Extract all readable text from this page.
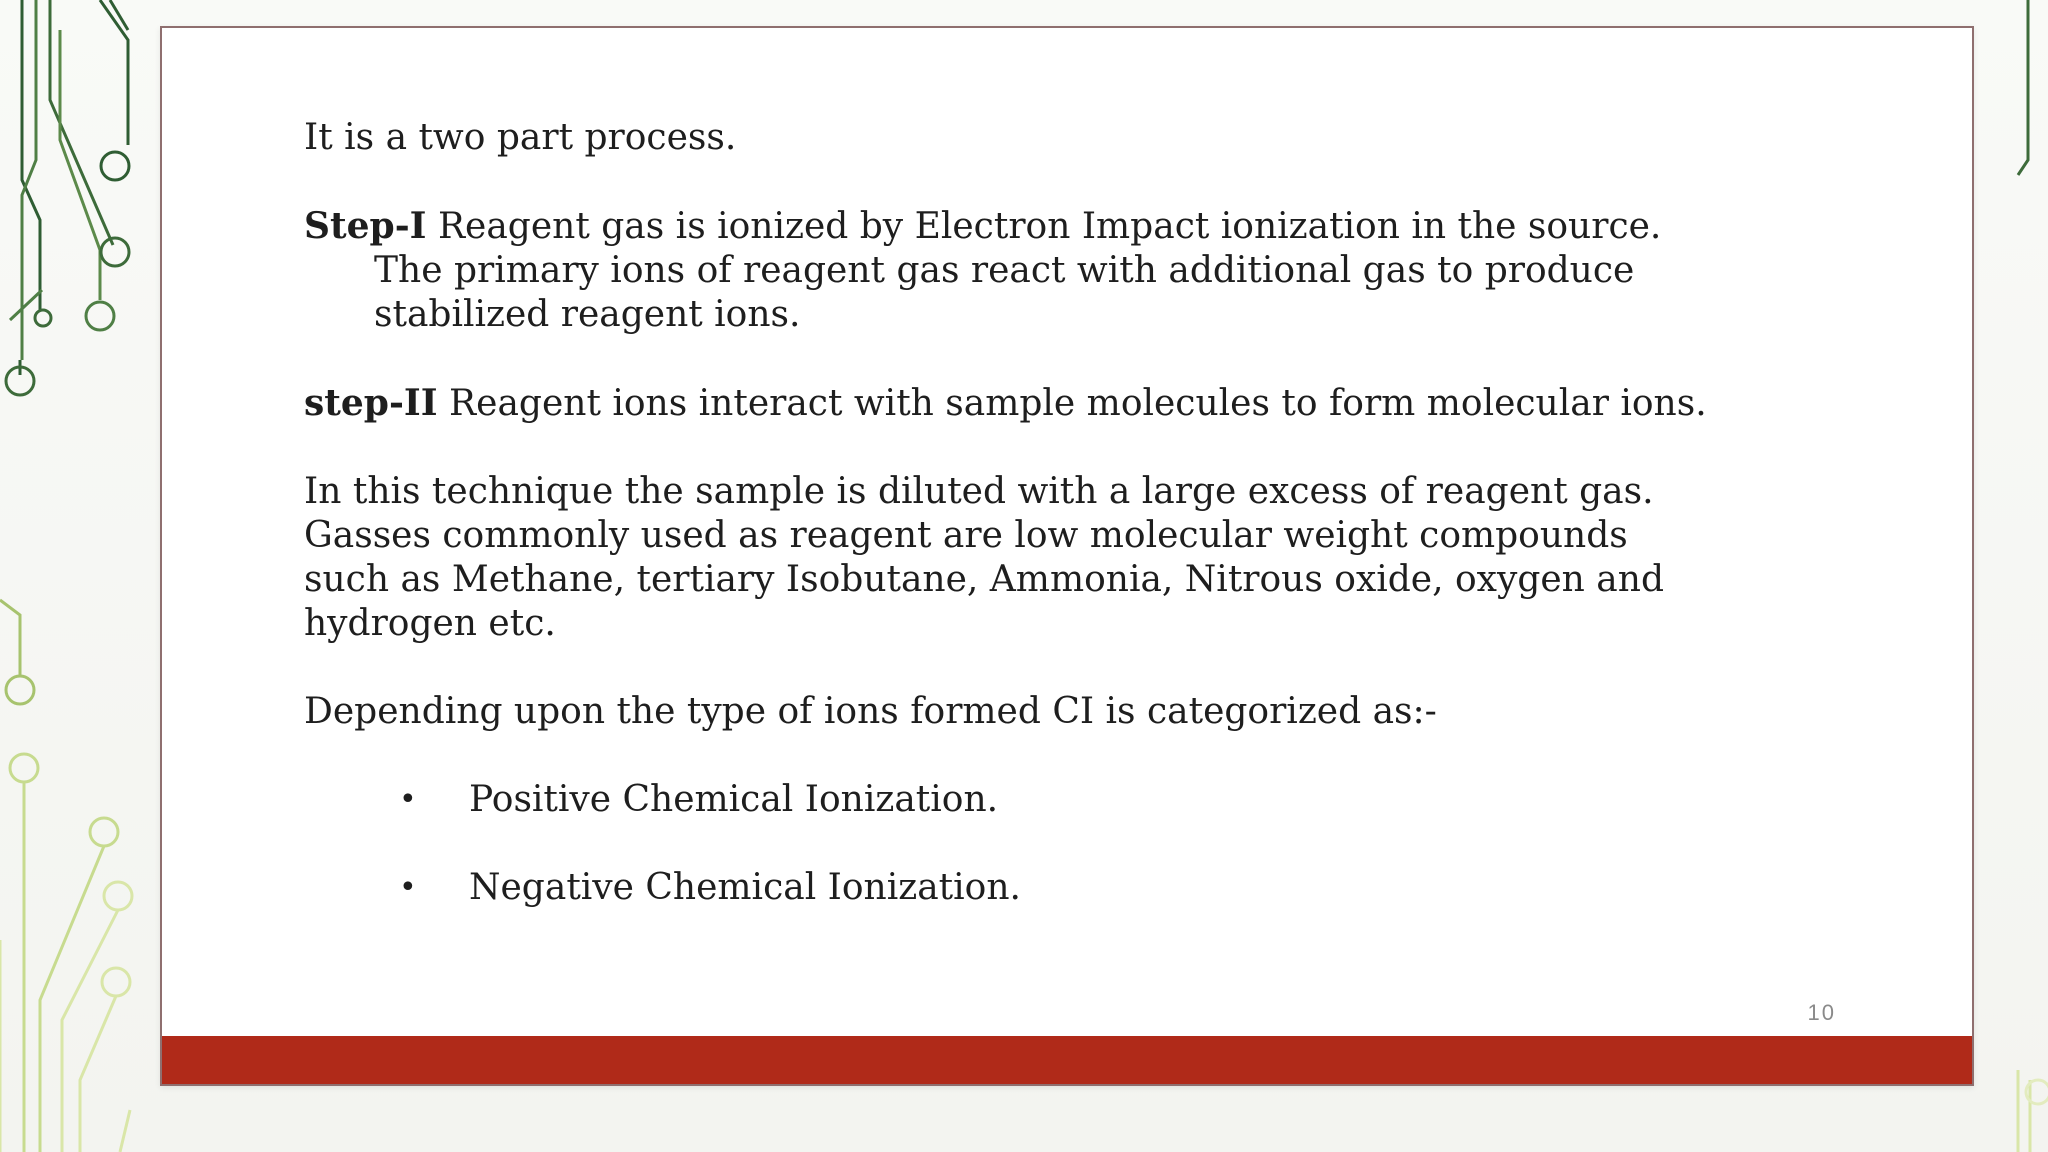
It is a two part process.

Step-I Reagent gas is ionized by Electron Impact ionization in the source.
The primary ions of reagent gas react with additional gas to produce
stabilized reagent ions.

step-II Reagent ions interact with sample molecules to form molecular ions.

In this technique the sample is diluted with a large excess of reagent gas.
Gasses commonly used as reagent are low molecular weight compounds
such as Methane, tertiary Isobutane, Ammonia, Nitrous oxide, oxygen and
hydrogen etc.

Depending upon the type of ions formed CI is categorized as:-

• Positive Chemical Ionization.
• Negative Chemical Ionization.
10
